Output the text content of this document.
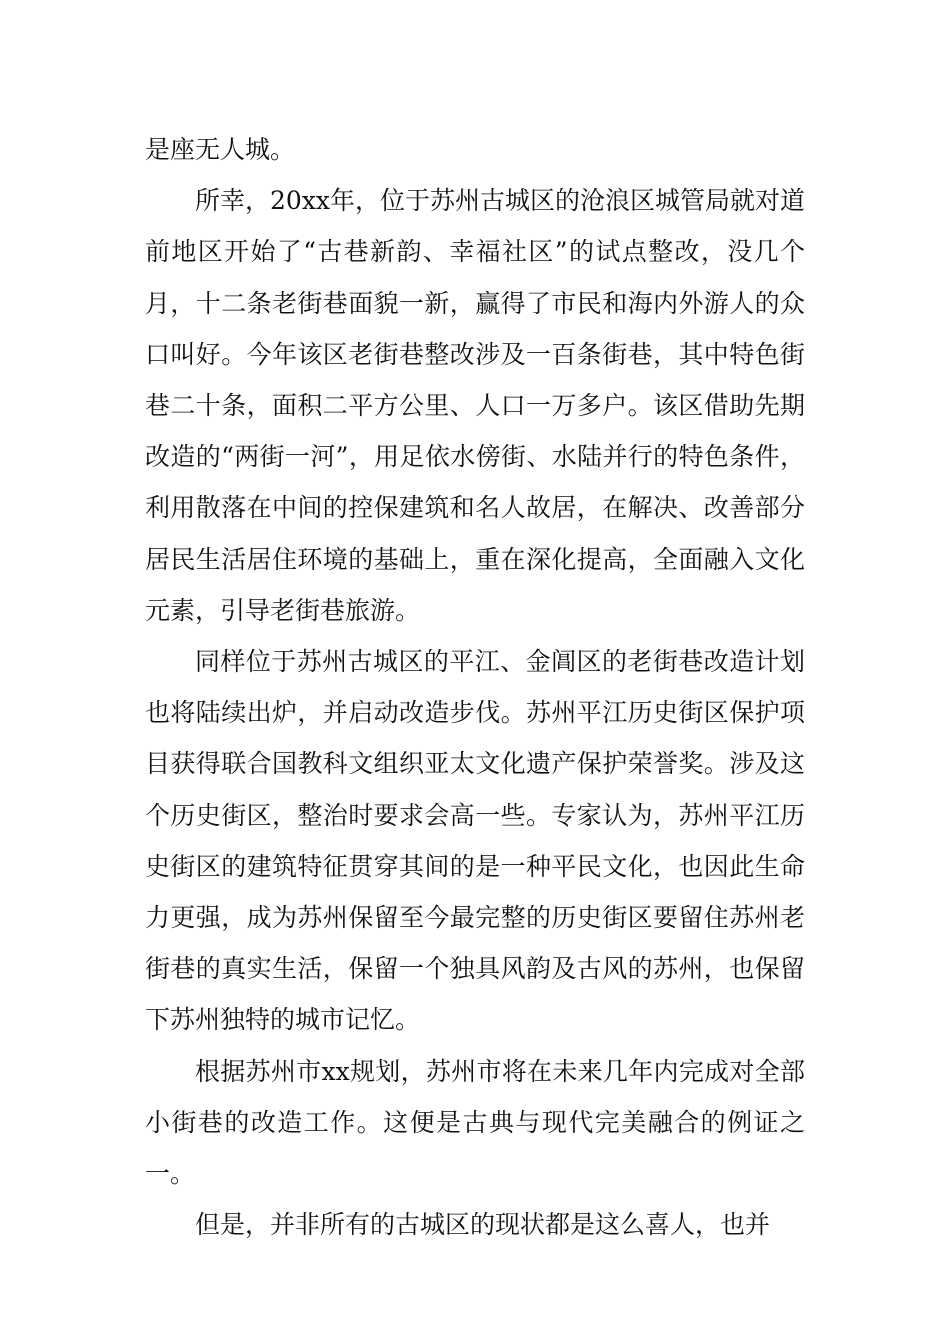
是座无人城。

所幸，20xx年，位于苏州古城区的沧浪区城管局就对道前地区开始了“古巷新韵、幸福社区”的试点整改，没几个月，十二条老街巷面貌一新，赢得了市民和海内外游人的众口叫好。今年该区老街巷整改涉及一百条街巷，其中特色街巷二十条，面积二平方公里、人口一万多户。该区借助先期改造的“两街一河”，用足依水傍街、水陆并行的特色条件，利用散落在中间的控保建筑和名人故居，在解决、改善部分居民生活居住环境的基础上，重在深化提高，全面融入文化元素，引导老街巷旅游。

同样位于苏州古城区的平江、金阊区的老街巷改造计划也将陆续出炉，并启动改造步伐。苏州平江历史街区保护项目获得联合国教科文组织亚太文化遗产保护荣誉奖。涉及这个历史街区，整治时要求会高一些。专家认为，苏州平江历史街区的建筑特征贯穿其间的是一种平民文化，也因此生命力更强，成为苏州保留至今最完整的历史街区要留住苏州老街巷的真实生活，保留一个独具风韵及古风的苏州，也保留下苏州独特的城市记忆。

根据苏州市xx规划，苏州市将在未来几年内完成对全部小街巷的改造工作。这便是古典与现代完美融合的例证之一。

但是，并非所有的古城区的现状都是这么喜人，也并
